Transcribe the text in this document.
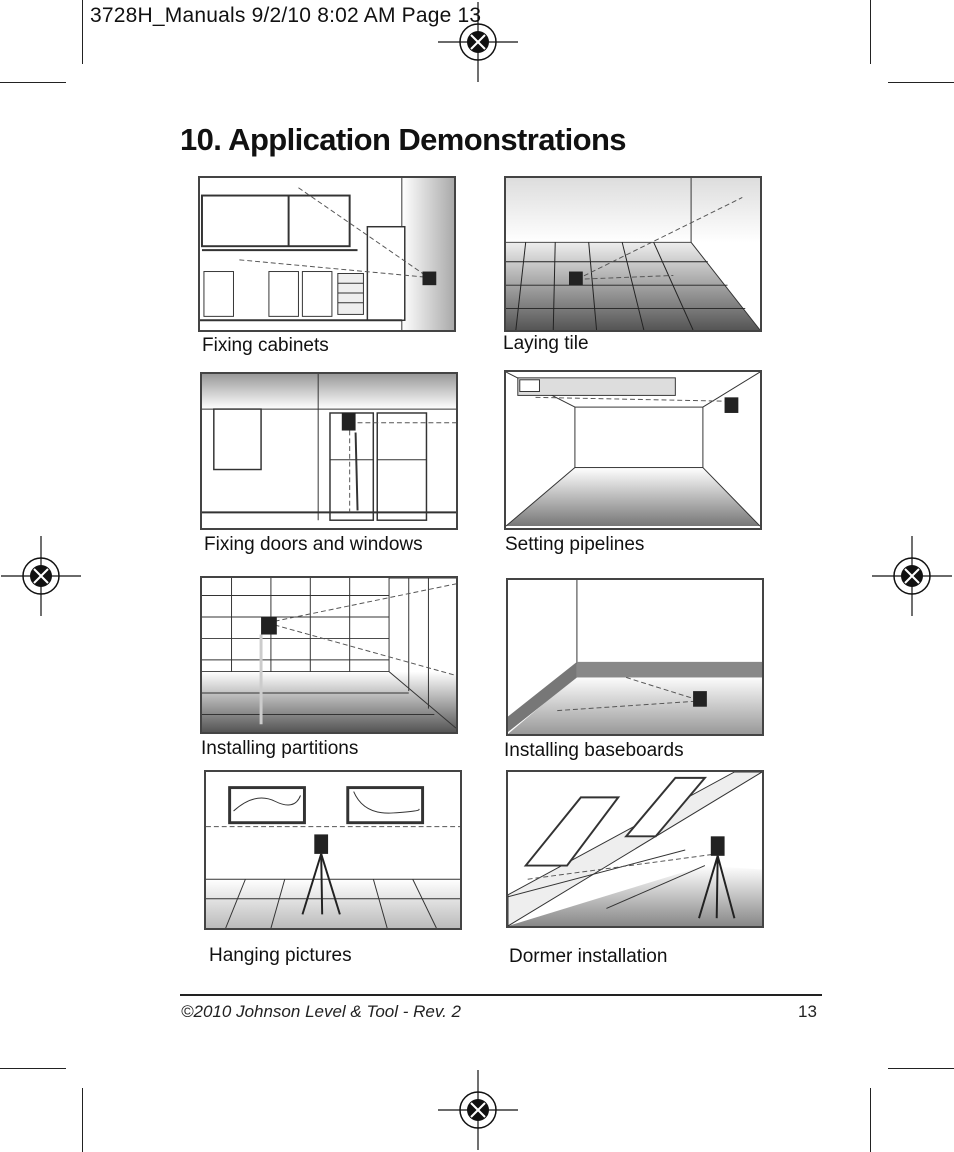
3728H_Manuals 9/2/10 8:02 AM Page 13
10. Application Demonstrations
Fixing cabinets	Laying tile
Fixing doors and windows	Setting pipelines
Installing partitions	Installing baseboards
Hanging pictures	Dormer installation
©2010 Johnson Level & Tool - Rev. 2	13
